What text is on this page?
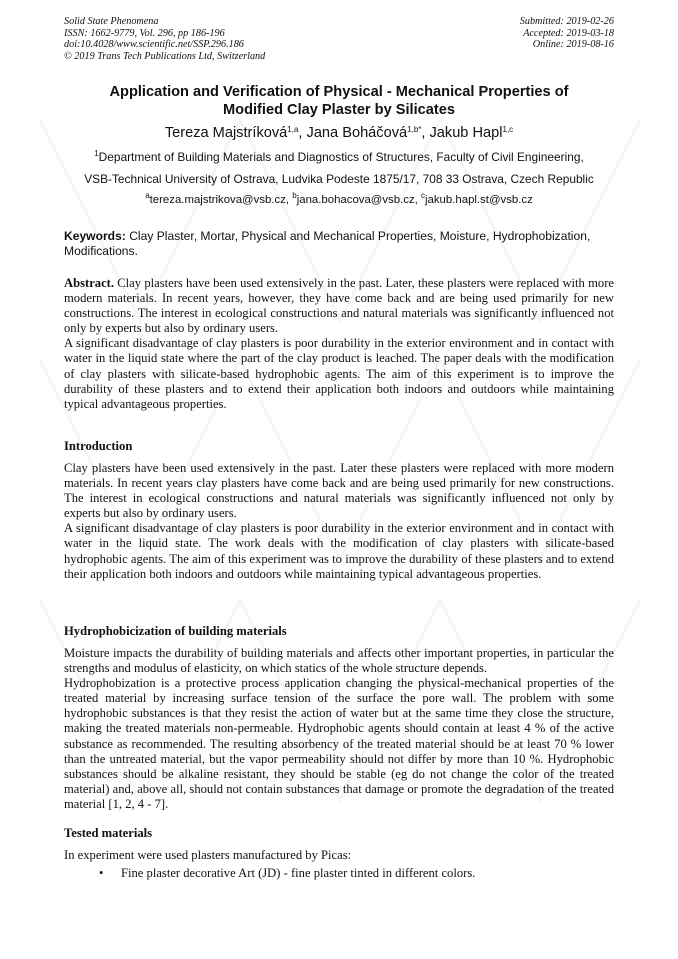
Solid State Phenomena
ISSN: 1662-9779, Vol. 296, pp 186-196
doi:10.4028/www.scientific.net/SSP.296.186
© 2019 Trans Tech Publications Ltd, Switzerland
Submitted: 2019-02-26
Accepted: 2019-03-18
Online: 2019-08-16
Application and Verification of Physical - Mechanical Properties of
Modified Clay Plaster by Silicates
Tereza Majstríková$^{1,a}$, Jana Boháčová$^{1,b*}$, Jakub Hapl$^{1,c}$
$^1$Department of Building Materials and Diagnostics of Structures, Faculty of Civil Engineering,
VSB-Technical University of Ostrava, Ludvika Podeste 1875/17, 708 33 Ostrava, Czech Republic
$^a$tereza.majstrikova@vsb.cz, $^b$jana.bohacova@vsb.cz, $^c$jakub.hapl.st@vsb.cz
Keywords: Clay Plaster, Mortar, Physical and Mechanical Properties, Moisture, Hydrophobization, Modifications.

Abstract. Clay plasters have been used extensively in the past. Later, these plasters were replaced with more modern materials. In recent years, however, they have come back and are being used primarily for new constructions. The interest in ecological constructions and natural materials was significantly influenced not only by experts but also by ordinary users.

A significant disadvantage of clay plasters is poor durability in the exterior environment and in contact with water in the liquid state where the part of the clay product is leached. The paper deals with the modification of clay plasters with silicate-based hydrophobic agents. The aim of this experiment is to improve the durability of these plasters and to extend their application both indoors and outdoors while maintaining typical advantageous properties.

Introduction

Clay plasters have been used extensively in the past. Later these plasters were replaced with more modern materials. In recent years clay plasters have come back and are being used primarily for new constructions. The interest in ecological constructions and natural materials was significantly influenced not only by experts but also by ordinary users.

A significant disadvantage of clay plasters is poor durability in the exterior environment and in contact with water in the liquid state. The work deals with the modification of clay plasters with silicate-based hydrophobic agents. The aim of this experiment was to improve the durability of these plasters and to extend their application both indoors and outdoors while maintaining typical advantageous properties.

Hydrophobicization of building materials

Moisture impacts the durability of building materials and affects other important properties, in particular the strengths and modulus of elasticity, on which statics of the whole structure depends.

Hydrophobization is a protective process application changing the physical-mechanical properties of the treated material by increasing surface tension of the surface the pore wall. The problem with some hydrophobic substances is that they resist the action of water but at the same time they close the structure, making the treated materials non-permeable. Hydrophobic agents should contain at least 4 % of the active substance as recommended. The resulting absorbency of the treated material should be at least 70 % lower than the untreated material, but the vapor permeability should not differ by more than 10 %. Hydrophobic substances should be alkaline resistant, they should be stable (eg do not change the color of the treated material) and, above all, should not contain substances that damage or promote the degradation of the treated material [1, 2, 4 - 7].

Tested materials
In experiment were used plasters manufactured by Picas:
• Fine plaster decorative Art (JD) - fine plaster tinted in different colors.
